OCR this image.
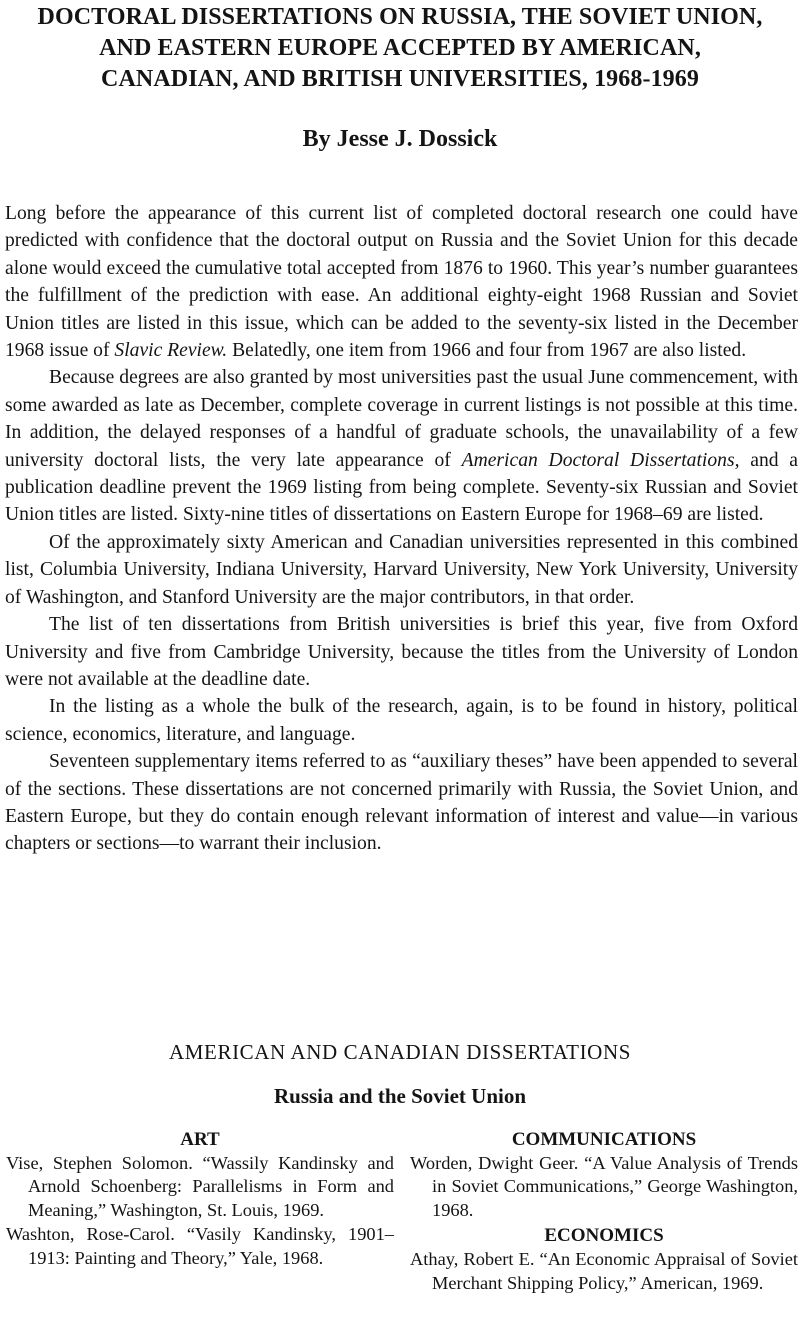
DOCTORAL DISSERTATIONS ON RUSSIA, THE SOVIET UNION,
AND EASTERN EUROPE ACCEPTED BY AMERICAN,
CANADIAN, AND BRITISH UNIVERSITIES, 1968-1969
By Jesse J. Dossick

Long before the appearance of this current list of completed doctoral research one could have predicted with confidence that the doctoral output on Russia and the Soviet Union for this decade alone would exceed the cumulative total accepted from 1876 to 1960. This year’s number guarantees the fulfillment of the prediction with ease. An additional eighty-eight 1968 Russian and Soviet Union titles are listed in this issue, which can be added to the seventy-six listed in the December 1968 issue of Slavic Review. Belatedly, one item from 1966 and four from 1967 are also listed.

Because degrees are also granted by most universities past the usual June commencement, with some awarded as late as December, complete coverage in current listings is not possible at this time. In addition, the delayed responses of a handful of graduate schools, the unavailability of a few university doctoral lists, the very late appearance of American Doctoral Dissertations, and a publication deadline prevent the 1969 listing from being complete. Seventy-six Russian and Soviet Union titles are listed. Sixty-nine titles of dissertations on Eastern Europe for 1968–69 are listed.

Of the approximately sixty American and Canadian universities represented in this combined list, Columbia University, Indiana University, Harvard University, New York University, University of Washington, and Stanford University are the major contributors, in that order.

The list of ten dissertations from British universities is brief this year, five from Oxford University and five from Cambridge University, because the titles from the University of London were not available at the deadline date.

In the listing as a whole the bulk of the research, again, is to be found in history, political science, economics, literature, and language.

Seventeen supplementary items referred to as “auxiliary theses” have been appended to several of the sections. These dissertations are not concerned primarily with Russia, the Soviet Union, and Eastern Europe, but they do contain enough relevant information of interest and value—in various chapters or sections—to warrant their inclusion.

AMERICAN AND CANADIAN DISSERTATIONS
Russia and the Soviet Union
ART
Vise, Stephen Solomon. “Wassily Kandinsky and Arnold Schoenberg: Parallelisms in Form and Meaning,” Washington, St. Louis, 1969.
Washton, Rose-Carol. “Vasily Kandinsky, 1901–1913: Painting and Theory,” Yale, 1968.
COMMUNICATIONS
Worden, Dwight Geer. “A Value Analysis of Trends in Soviet Communications,” George Washington, 1968.
ECONOMICS
Athay, Robert E. “An Economic Appraisal of Soviet Merchant Shipping Policy,” American, 1969.
